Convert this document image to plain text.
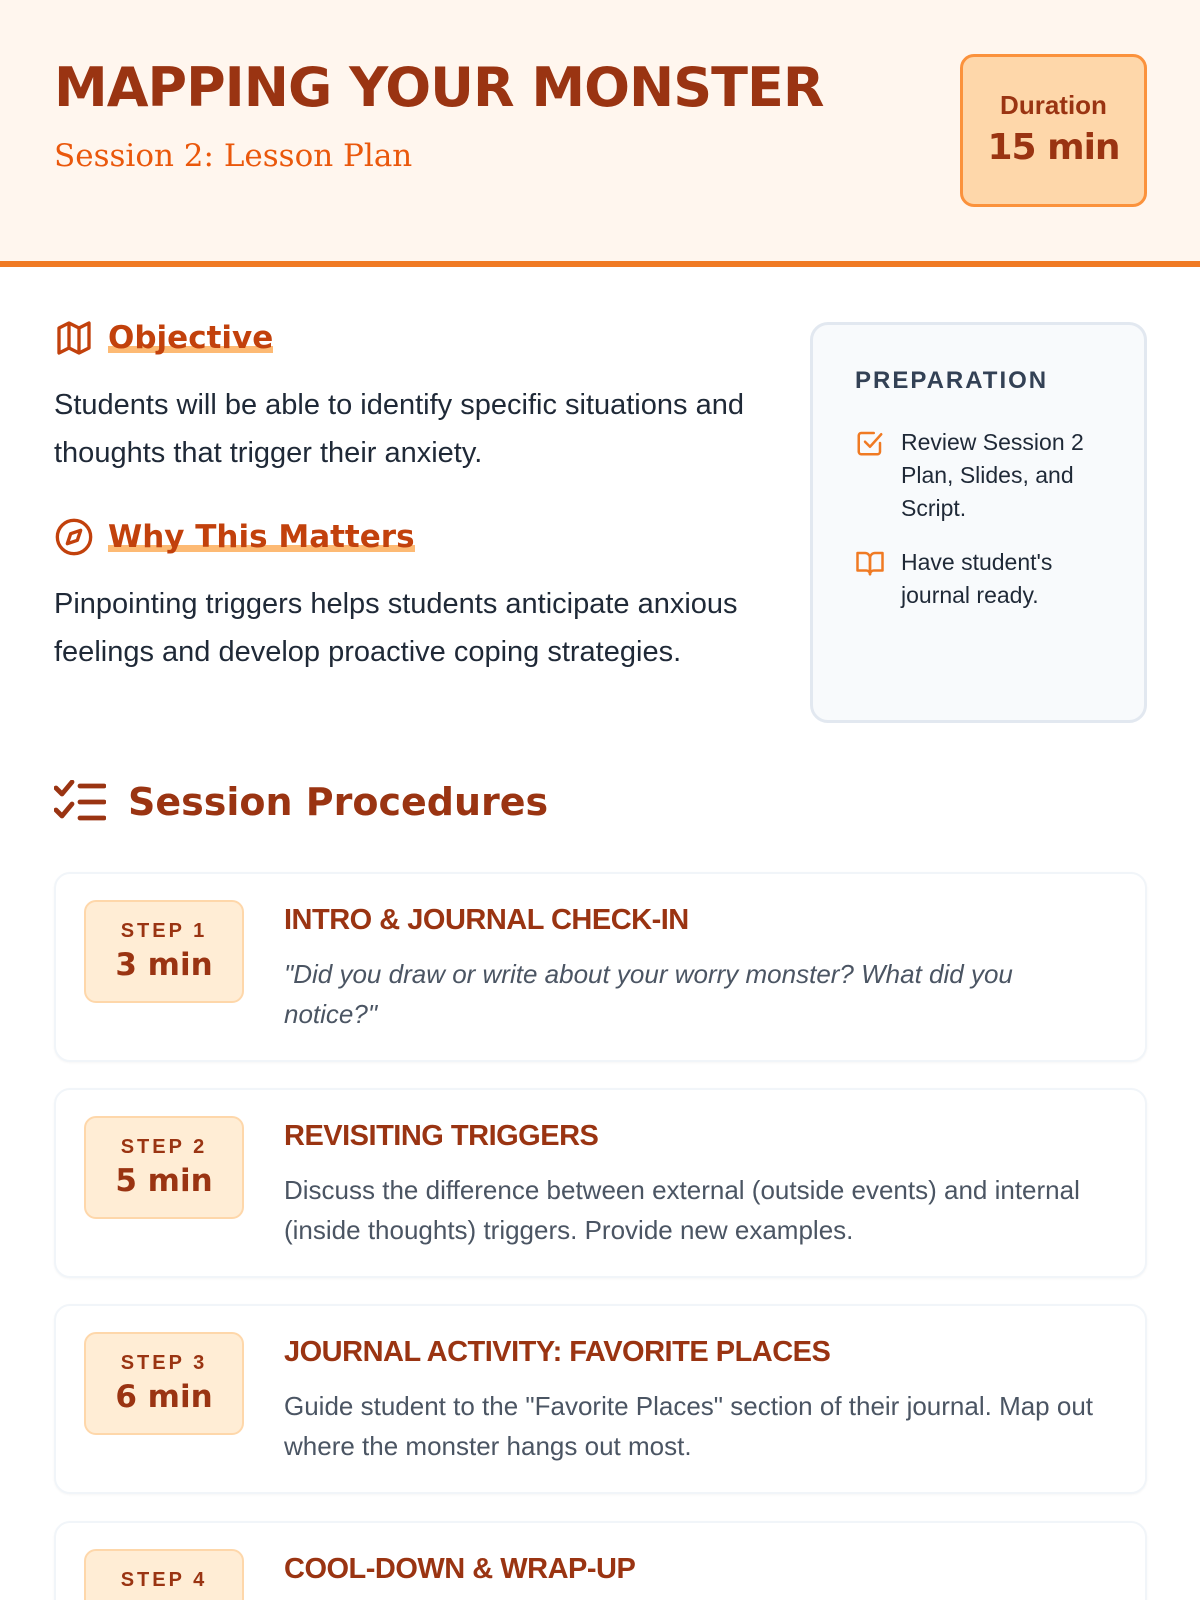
MAPPING YOUR MONSTER
Session 2: Lesson Plan
Duration
15 min
Objective
Students will be able to identify specific situations and thoughts that trigger their anxiety.
Why This Matters
Pinpointing triggers helps students anticipate anxious feelings and develop proactive coping strategies.
PREPARATION
Review Session 2 Plan, Slides, and Script.
Have student's journal ready.
Session Procedures
STEP 1
3 min
INTRO & JOURNAL CHECK-IN
"Did you draw or write about your worry monster? What did you notice?"
STEP 2
5 min
REVISITING TRIGGERS
Discuss the difference between external (outside events) and internal (inside thoughts) triggers. Provide new examples.
STEP 3
6 min
JOURNAL ACTIVITY: FAVORITE PLACES
Guide student to the "Favorite Places" section of their journal. Map out where the monster hangs out most.
STEP 4	COOL-DOWN & WRAP-UP
